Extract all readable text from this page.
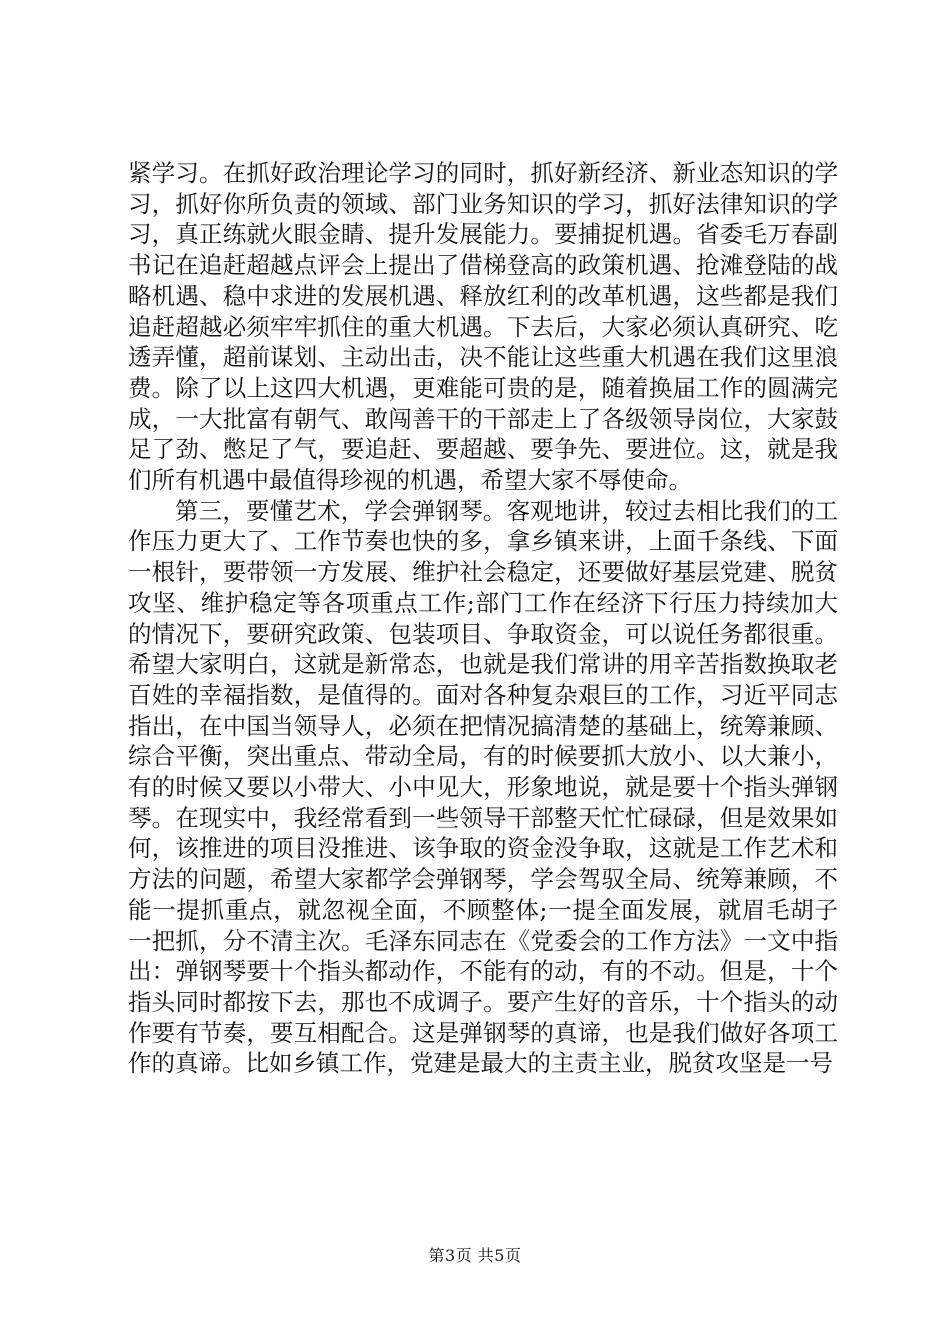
紧学习。在抓好政治理论学习的同时，抓好新经济、新业态知识的学习，抓好你所负责的领域、部门业务知识的学习，抓好法律知识的学习，真正练就火眼金睛、提升发展能力。要捕捉机遇。省委毛万春副书记在追赶超越点评会上提出了借梯登高的政策机遇、抢滩登陆的战略机遇、稳中求进的发展机遇、释放红利的改革机遇，这些都是我们追赶超越必须牢牢抓住的重大机遇。下去后，大家必须认真研究、吃透弄懂，超前谋划、主动出击，决不能让这些重大机遇在我们这里浪费。除了以上这四大机遇，更难能可贵的是，随着换届工作的圆满完成，一大批富有朝气、敢闯善干的干部走上了各级领导岗位，大家鼓足了劲、憋足了气，要追赶、要超越、要争先、要进位。这，就是我们所有机遇中最值得珍视的机遇，希望大家不辱使命。

第三，要懂艺术，学会弹钢琴。客观地讲，较过去相比我们的工作压力更大了、工作节奏也快的多，拿乡镇来讲，上面千条线、下面一根针，要带领一方发展、维护社会稳定，还要做好基层党建、脱贫攻坚、维护稳定等各项重点工作;部门工作在经济下行压力持续加大的情况下，要研究政策、包装项目、争取资金，可以说任务都很重。希望大家明白，这就是新常态，也就是我们常讲的用辛苦指数换取老百姓的幸福指数，是值得的。面对各种复杂艰巨的工作，习近平同志指出，在中国当领导人，必须在把情况搞清楚的基础上，统筹兼顾、综合平衡，突出重点、带动全局，有的时候要抓大放小、以大兼小，有的时候又要以小带大、小中见大，形象地说，就是要十个指头弹钢琴。在现实中，我经常看到一些领导干部整天忙忙碌碌，但是效果如何，该推进的项目没推进、该争取的资金没争取，这就是工作艺术和方法的问题，希望大家都学会弹钢琴，学会驾驭全局、统筹兼顾，不能一提抓重点，就忽视全面，不顾整体;一提全面发展，就眉毛胡子一把抓，分不清主次。毛泽东同志在《党委会的工作方法》一文中指出：弹钢琴要十个指头都动作，不能有的动，有的不动。但是，十个指头同时都按下去，那也不成调子。要产生好的音乐，十个指头的动作要有节奏，要互相配合。这是弹钢琴的真谛，也是我们做好各项工作的真谛。比如乡镇工作，党建是最大的主责主业，脱贫攻坚是一号

第3页 共5页
